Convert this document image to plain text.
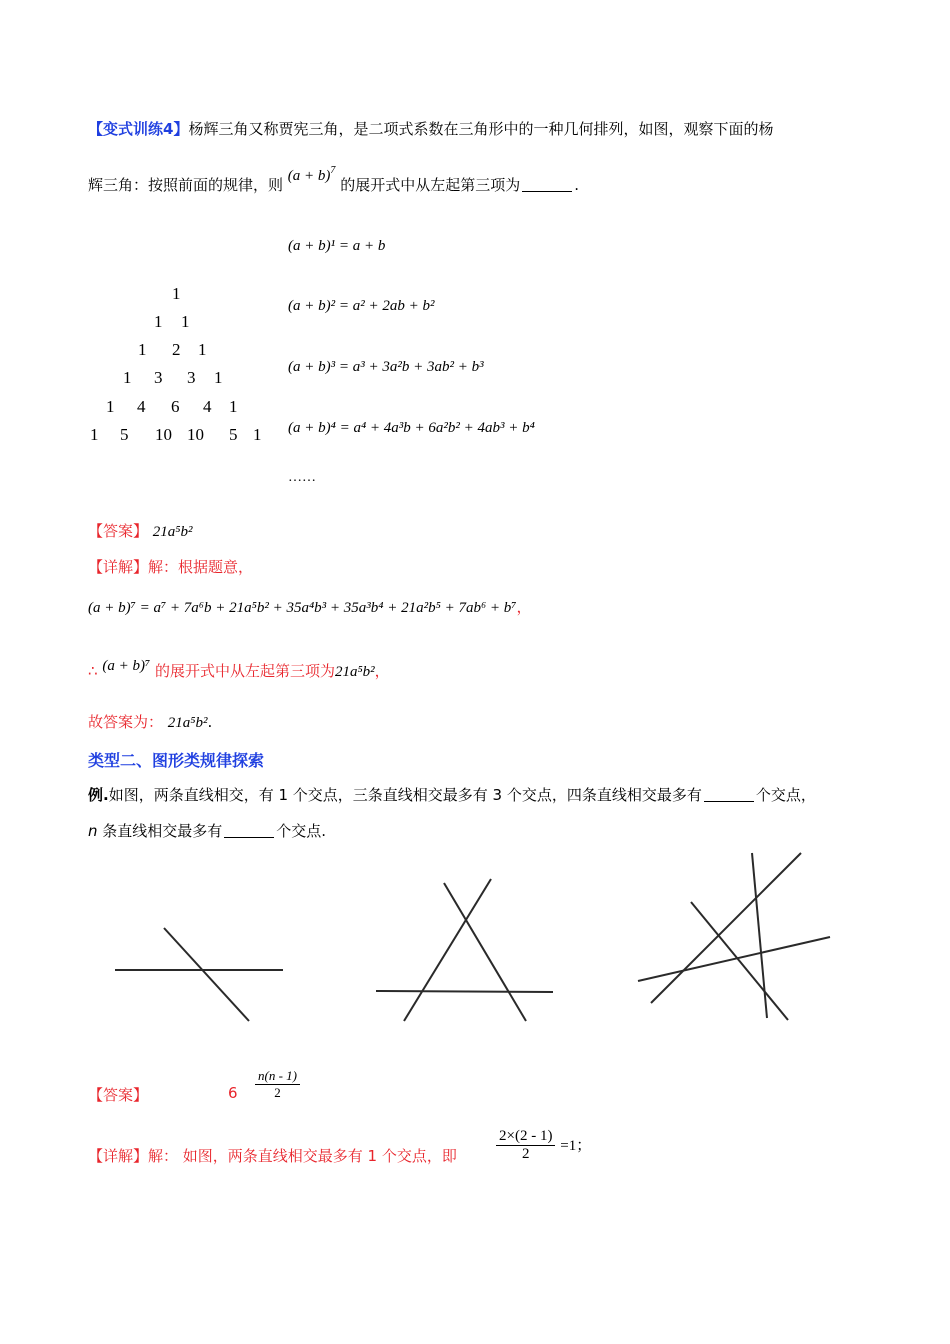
【变式训练4】杨辉三角又称贾宪三角，是二项式系数在三角形中的一种几何排列，如图，观察下面的杨
辉三角：按照前面的规律，则 $(a + b)^7$ 的展开式中从左起第三项为	.
1
1 1
1 2 1
1 3 3 1
1 4 6 4 1
1 5 10 10 5 1
(a + b)¹ = a + b
(a + b)² = a² + 2ab + b²
(a + b)³ = a³ + 3a²b + 3ab² + b³
(a + b)⁴ = a⁴ + 4a³b + 6a²b² + 4ab³ + b⁴
……
【答案】 21a⁵b²
【详解】解：根据题意，
(a + b)⁷ = a⁷ + 7a⁶b + 21a⁵b² + 35a⁴b³ + 35a³b⁴ + 21a²b⁵ + 7ab⁶ + b⁷，
∴ (a + b)⁷ 的展开式中从左起第三项为21a⁵b²，
故答案为： 21a⁵b².
类型二、图形类规律探索
例.如图，两条直线相交，有 1 个交点，三条直线相交最多有 3 个交点，四条直线相交最多有	个交点，
n 条直线相交最多有	个交点.
【答案】	$6 \frac{n(n - 1)}{2}$
【详解】解： 如图，两条直线相交最多有 1 个交点，即	$\frac{2\times(2 - 1)}{2} =1$；
